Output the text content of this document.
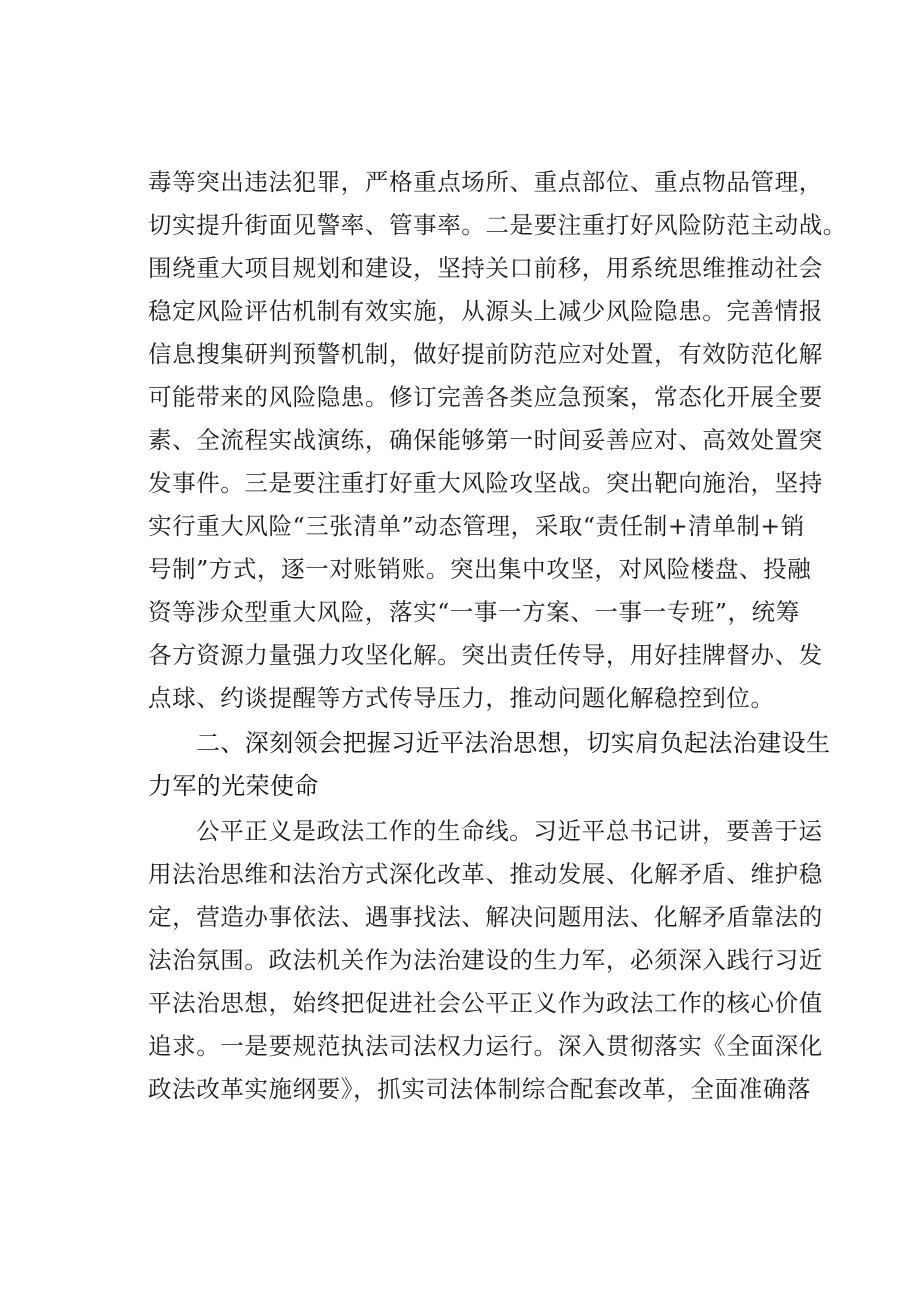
毒等突出违法犯罪，严格重点场所、重点部位、重点物品管理，
切实提升街面见警率、管事率。二是要注重打好风险防范主动战。
围绕重大项目规划和建设，坚持关口前移，用系统思维推动社会
稳定风险评估机制有效实施，从源头上减少风险隐患。完善情报
信息搜集研判预警机制，做好提前防范应对处置，有效防范化解
可能带来的风险隐患。修订完善各类应急预案，常态化开展全要
素、全流程实战演练，确保能够第一时间妥善应对、高效处置突
发事件。三是要注重打好重大风险攻坚战。突出靶向施治，坚持
实行重大风险“三张清单”动态管理，采取“责任制+清单制+销
号制”方式，逐一对账销账。突出集中攻坚，对风险楼盘、投融
资等涉众型重大风险，落实“一事一方案、一事一专班”，统筹
各方资源力量强力攻坚化解。突出责任传导，用好挂牌督办、发
点球、约谈提醒等方式传导压力，推动问题化解稳控到位。
二、深刻领会把握习近平法治思想，切实肩负起法治建设生
力军的光荣使命
公平正义是政法工作的生命线。习近平总书记讲，要善于运
用法治思维和法治方式深化改革、推动发展、化解矛盾、维护稳
定，营造办事依法、遇事找法、解决问题用法、化解矛盾靠法的
法治氛围。政法机关作为法治建设的生力军，必须深入践行习近
平法治思想，始终把促进社会公平正义作为政法工作的核心价值
追求。一是要规范执法司法权力运行。深入贯彻落实《全面深化
政法改革实施纲要》，抓实司法体制综合配套改革，全面准确落
